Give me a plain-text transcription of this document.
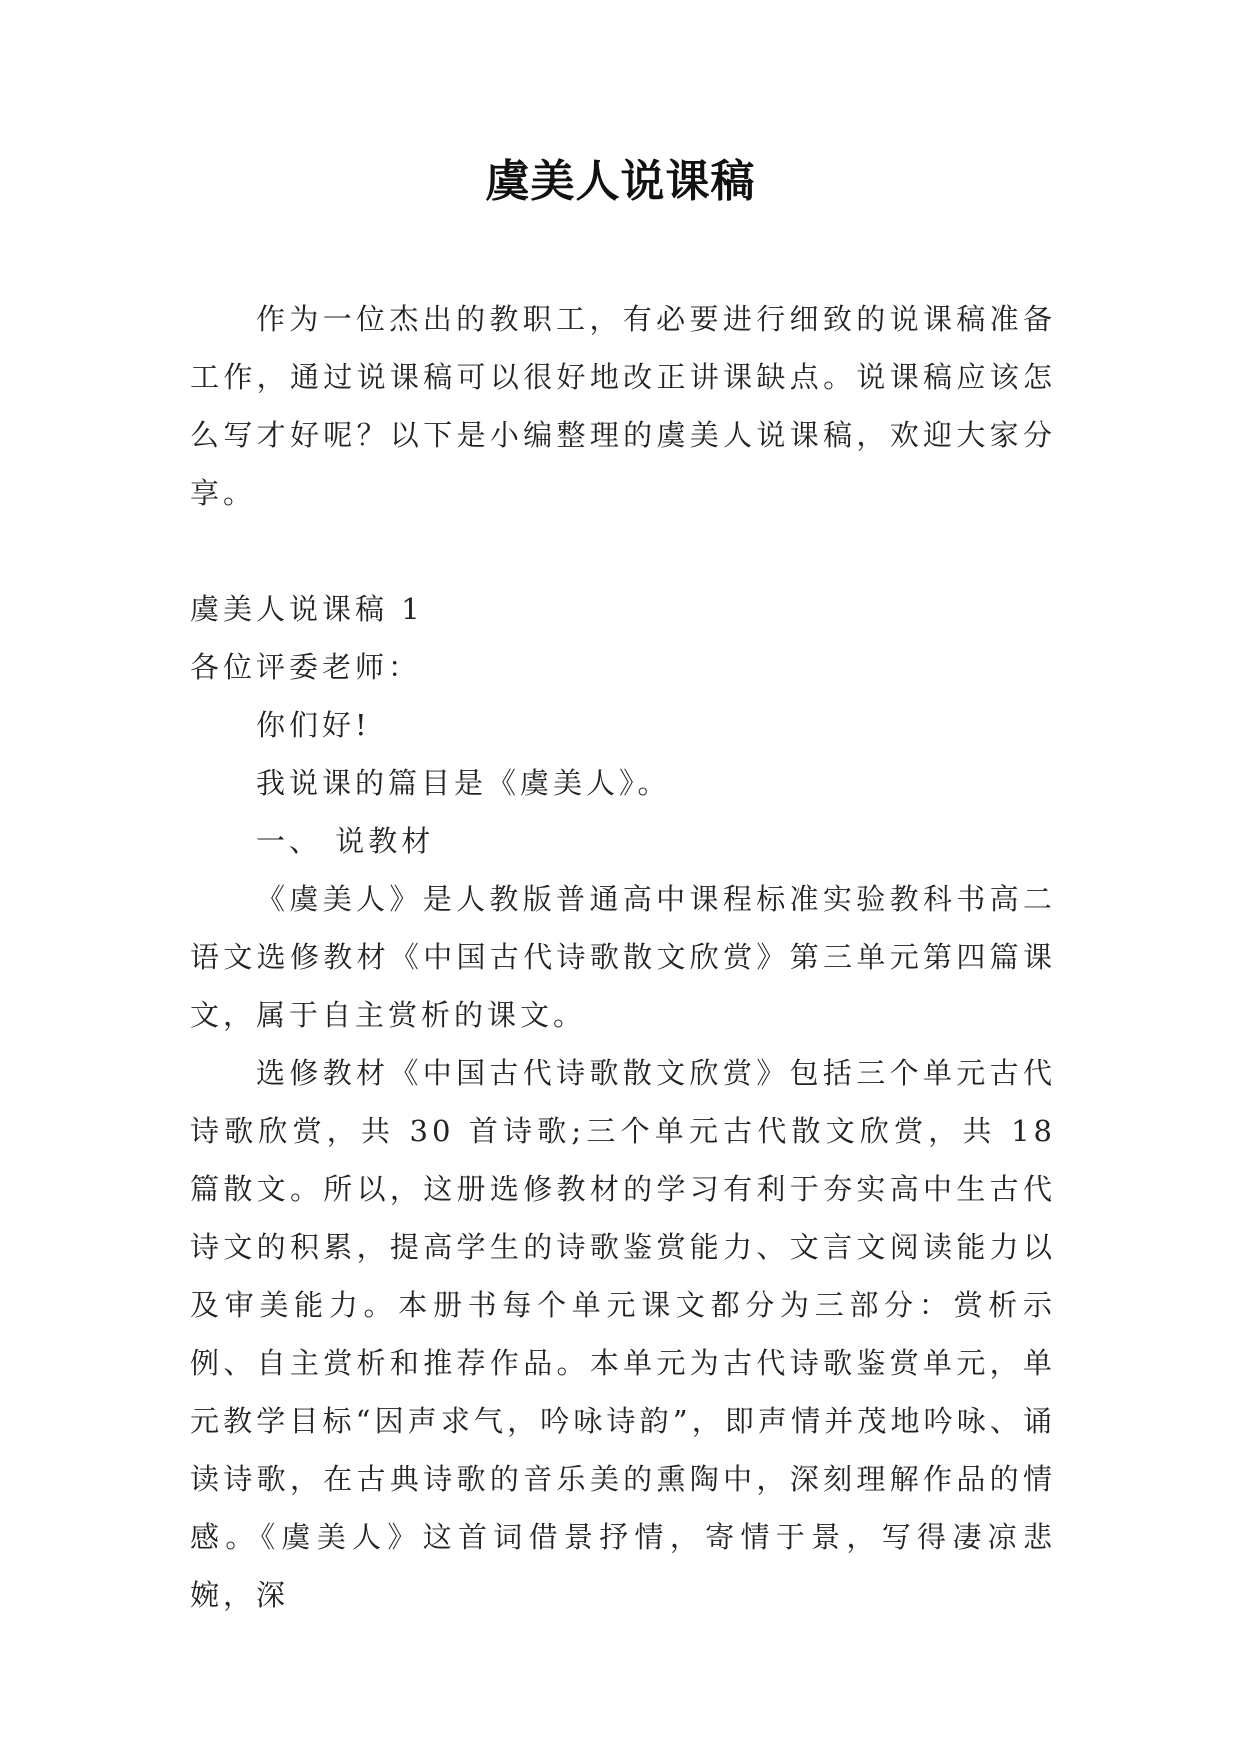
虞美人说课稿

作为一位杰出的教职工，有必要进行细致的说课稿准备工作，通过说课稿可以很好地改正讲课缺点。说课稿应该怎么写才好呢？以下是小编整理的虞美人说课稿，欢迎大家分享。

虞美人说课稿 1

各位评委老师：

你们好!

我说课的篇目是《虞美人》。

一、 说教材

《虞美人》是人教版普通高中课程标准实验教科书高二语文选修教材《中国古代诗歌散文欣赏》第三单元第四篇课文，属于自主赏析的课文。

选修教材《中国古代诗歌散文欣赏》包括三个单元古代诗歌欣赏，共 30 首诗歌;三个单元古代散文欣赏，共 18 篇散文。所以，这册选修教材的学习有利于夯实高中生古代诗文的积累，提高学生的诗歌鉴赏能力、文言文阅读能力以及审美能力。本册书每个单元课文都分为三部分：赏析示例、自主赏析和推荐作品。本单元为古代诗歌鉴赏单元，单元教学目标“因声求气，吟咏诗韵”，即声情并茂地吟咏、诵读诗歌，在古典诗歌的音乐美的熏陶中，深刻理解作品的情感。《虞美人》这首词借景抒情，寄情于景，写得凄凉悲婉，深
